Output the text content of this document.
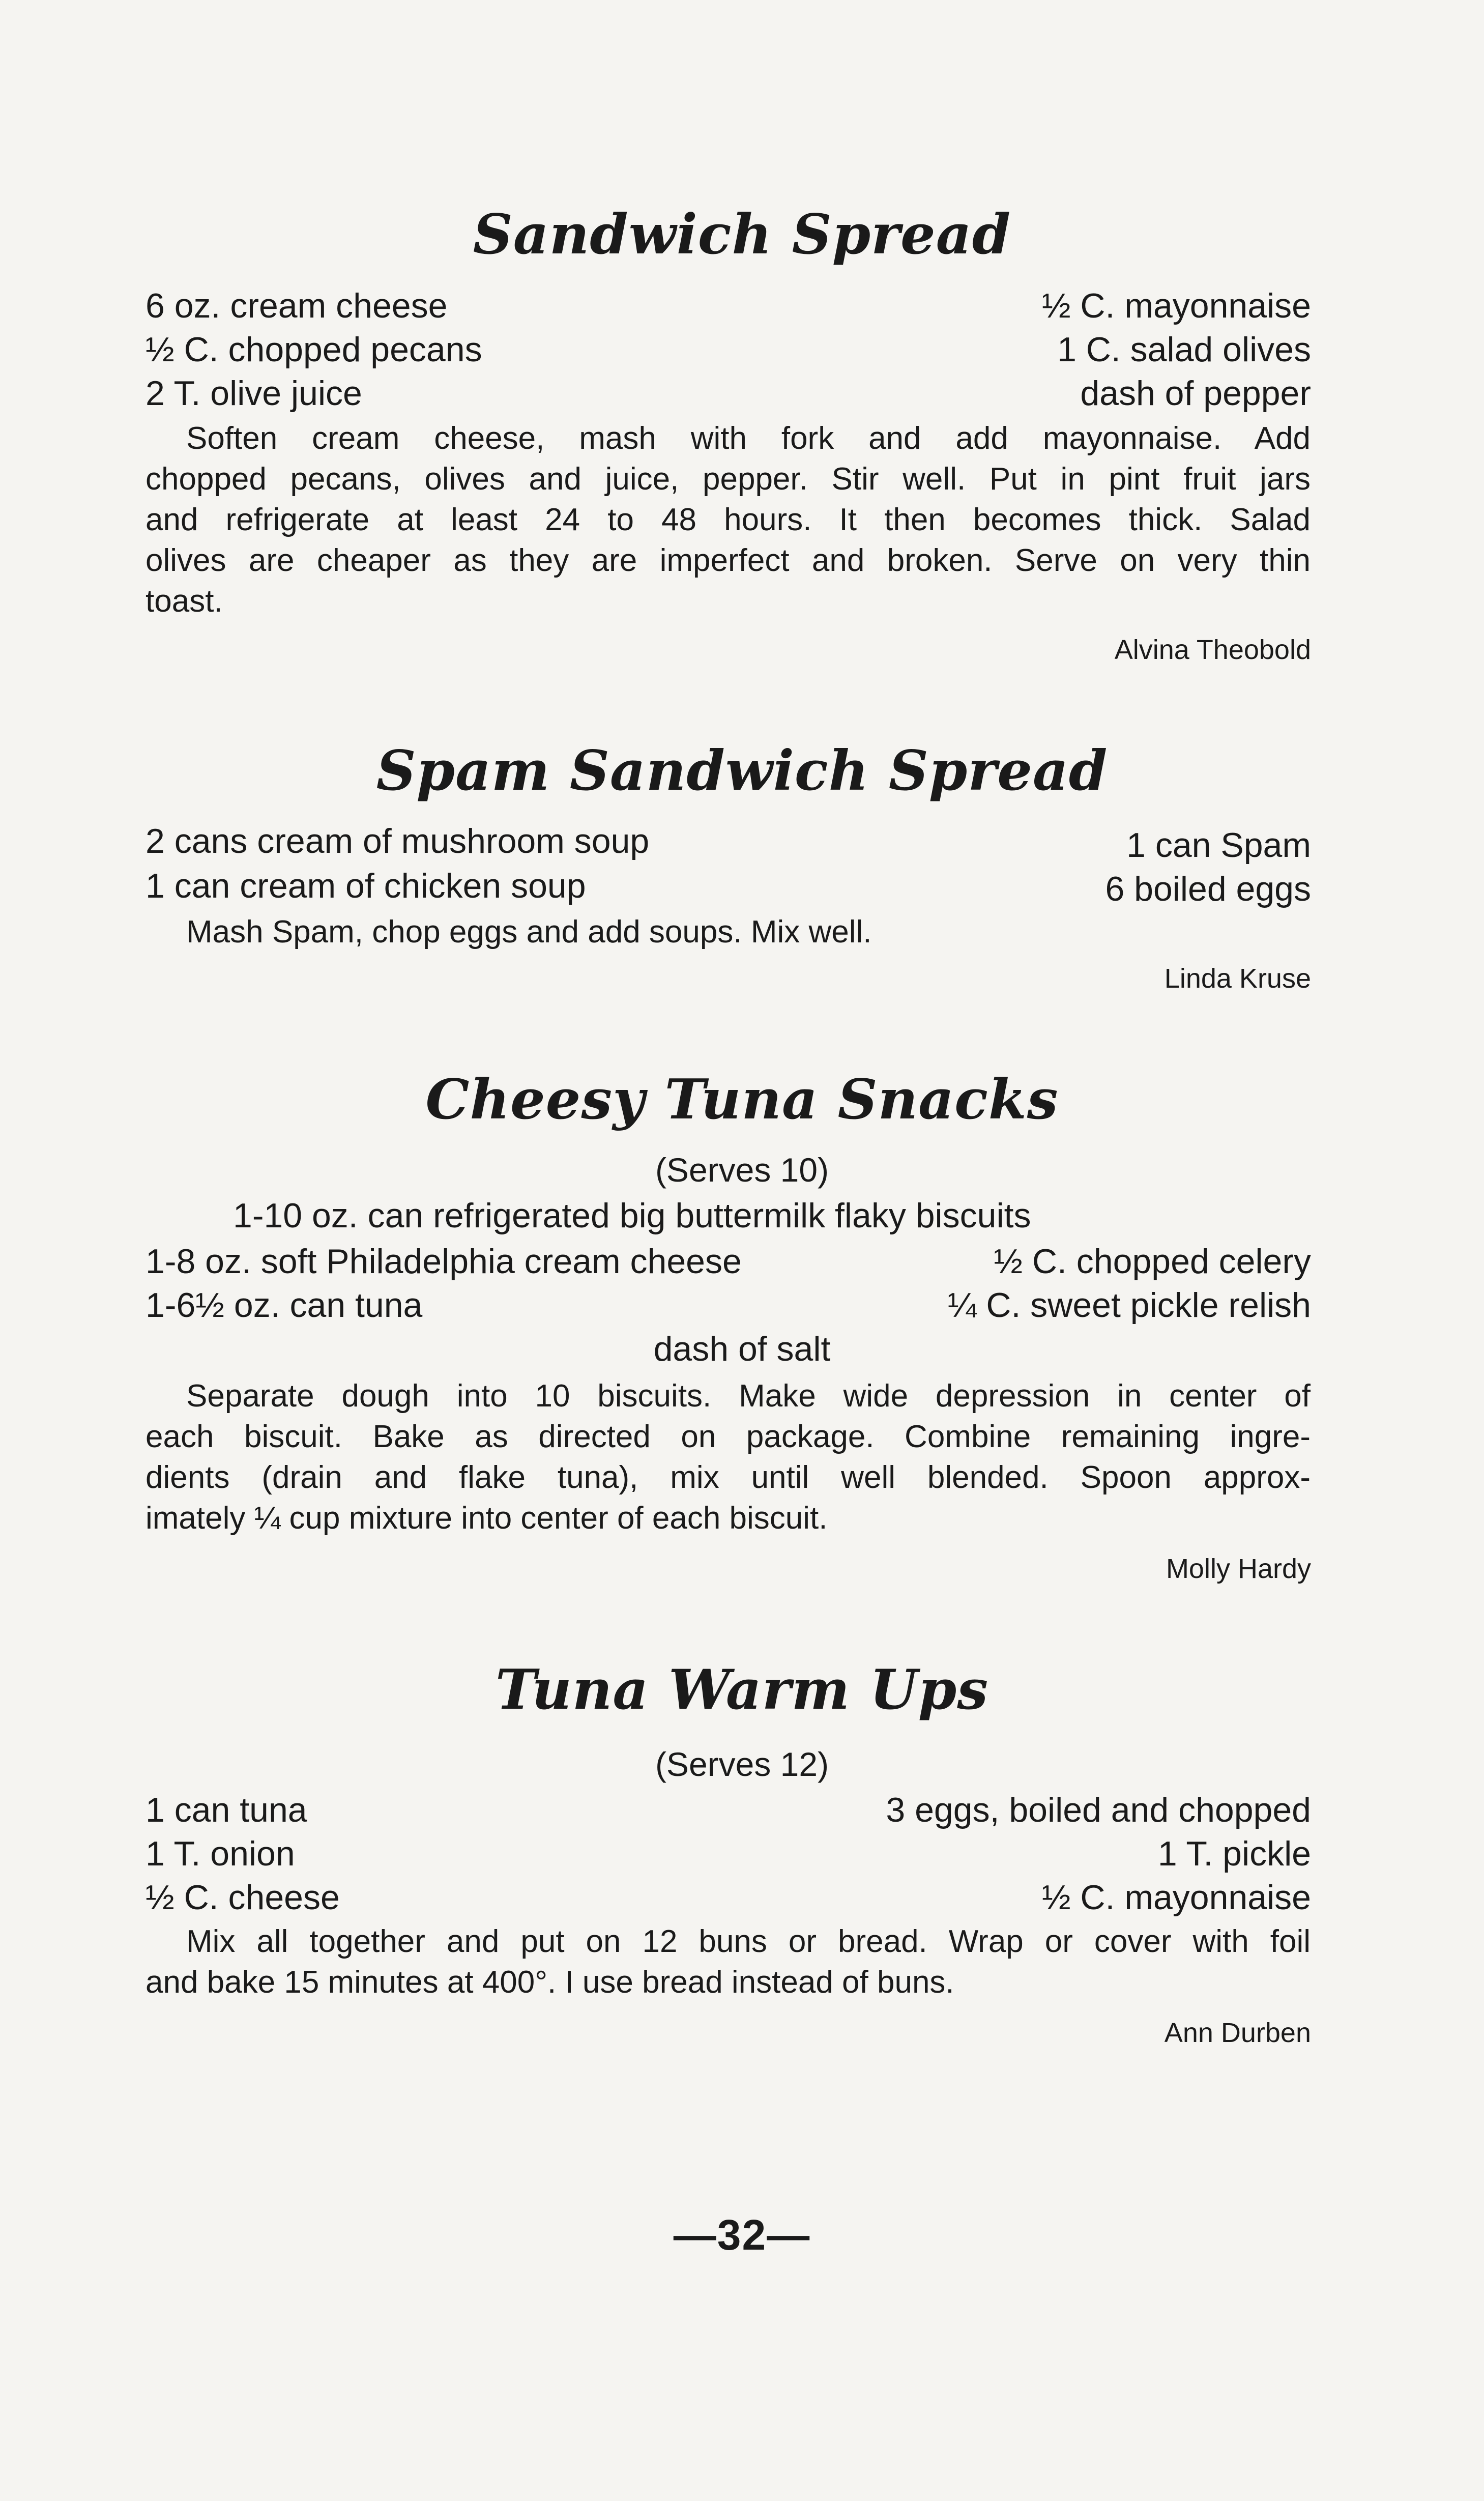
Sandwich Spread
6 oz. cream cheese	½ C. mayonnaise
½ C. chopped pecans	1 C. salad olives
2 T. olive juice	dash of pepper
Soften cream cheese, mash with fork and add mayonnaise. Add
chopped pecans, olives and juice, pepper. Stir well. Put in pint fruit jars
and refrigerate at least 24 to 48 hours. It then becomes thick. Salad
olives are cheaper as they are imperfect and broken. Serve on very thin
toast.
Alvina Theobold
Spam Sandwich Spread
2 cans cream of mushroom soup	1 can Spam
1 can cream of chicken soup	6 boiled eggs
Mash Spam, chop eggs and add soups. Mix well.
Linda Kruse
Cheesy Tuna Snacks
(Serves 10)
1-10 oz. can refrigerated big buttermilk flaky biscuits
1-8 oz. soft Philadelphia cream cheese	½ C. chopped celery
1-6½ oz. can tuna	¼ C. sweet pickle relish
dash of salt
Separate dough into 10 biscuits. Make wide depression in center of
each biscuit. Bake as directed on package. Combine remaining ingre-
dients (drain and flake tuna), mix until well blended. Spoon approx-
imately ¼ cup mixture into center of each biscuit.
Molly Hardy
Tuna Warm Ups
(Serves 12)
1 can tuna	3 eggs, boiled and chopped
1 T. onion	1 T. pickle
½ C. cheese	½ C. mayonnaise
Mix all together and put on 12 buns or bread. Wrap or cover with foil
and bake 15 minutes at 400°. I use bread instead of buns.
Ann Durben
—32—
